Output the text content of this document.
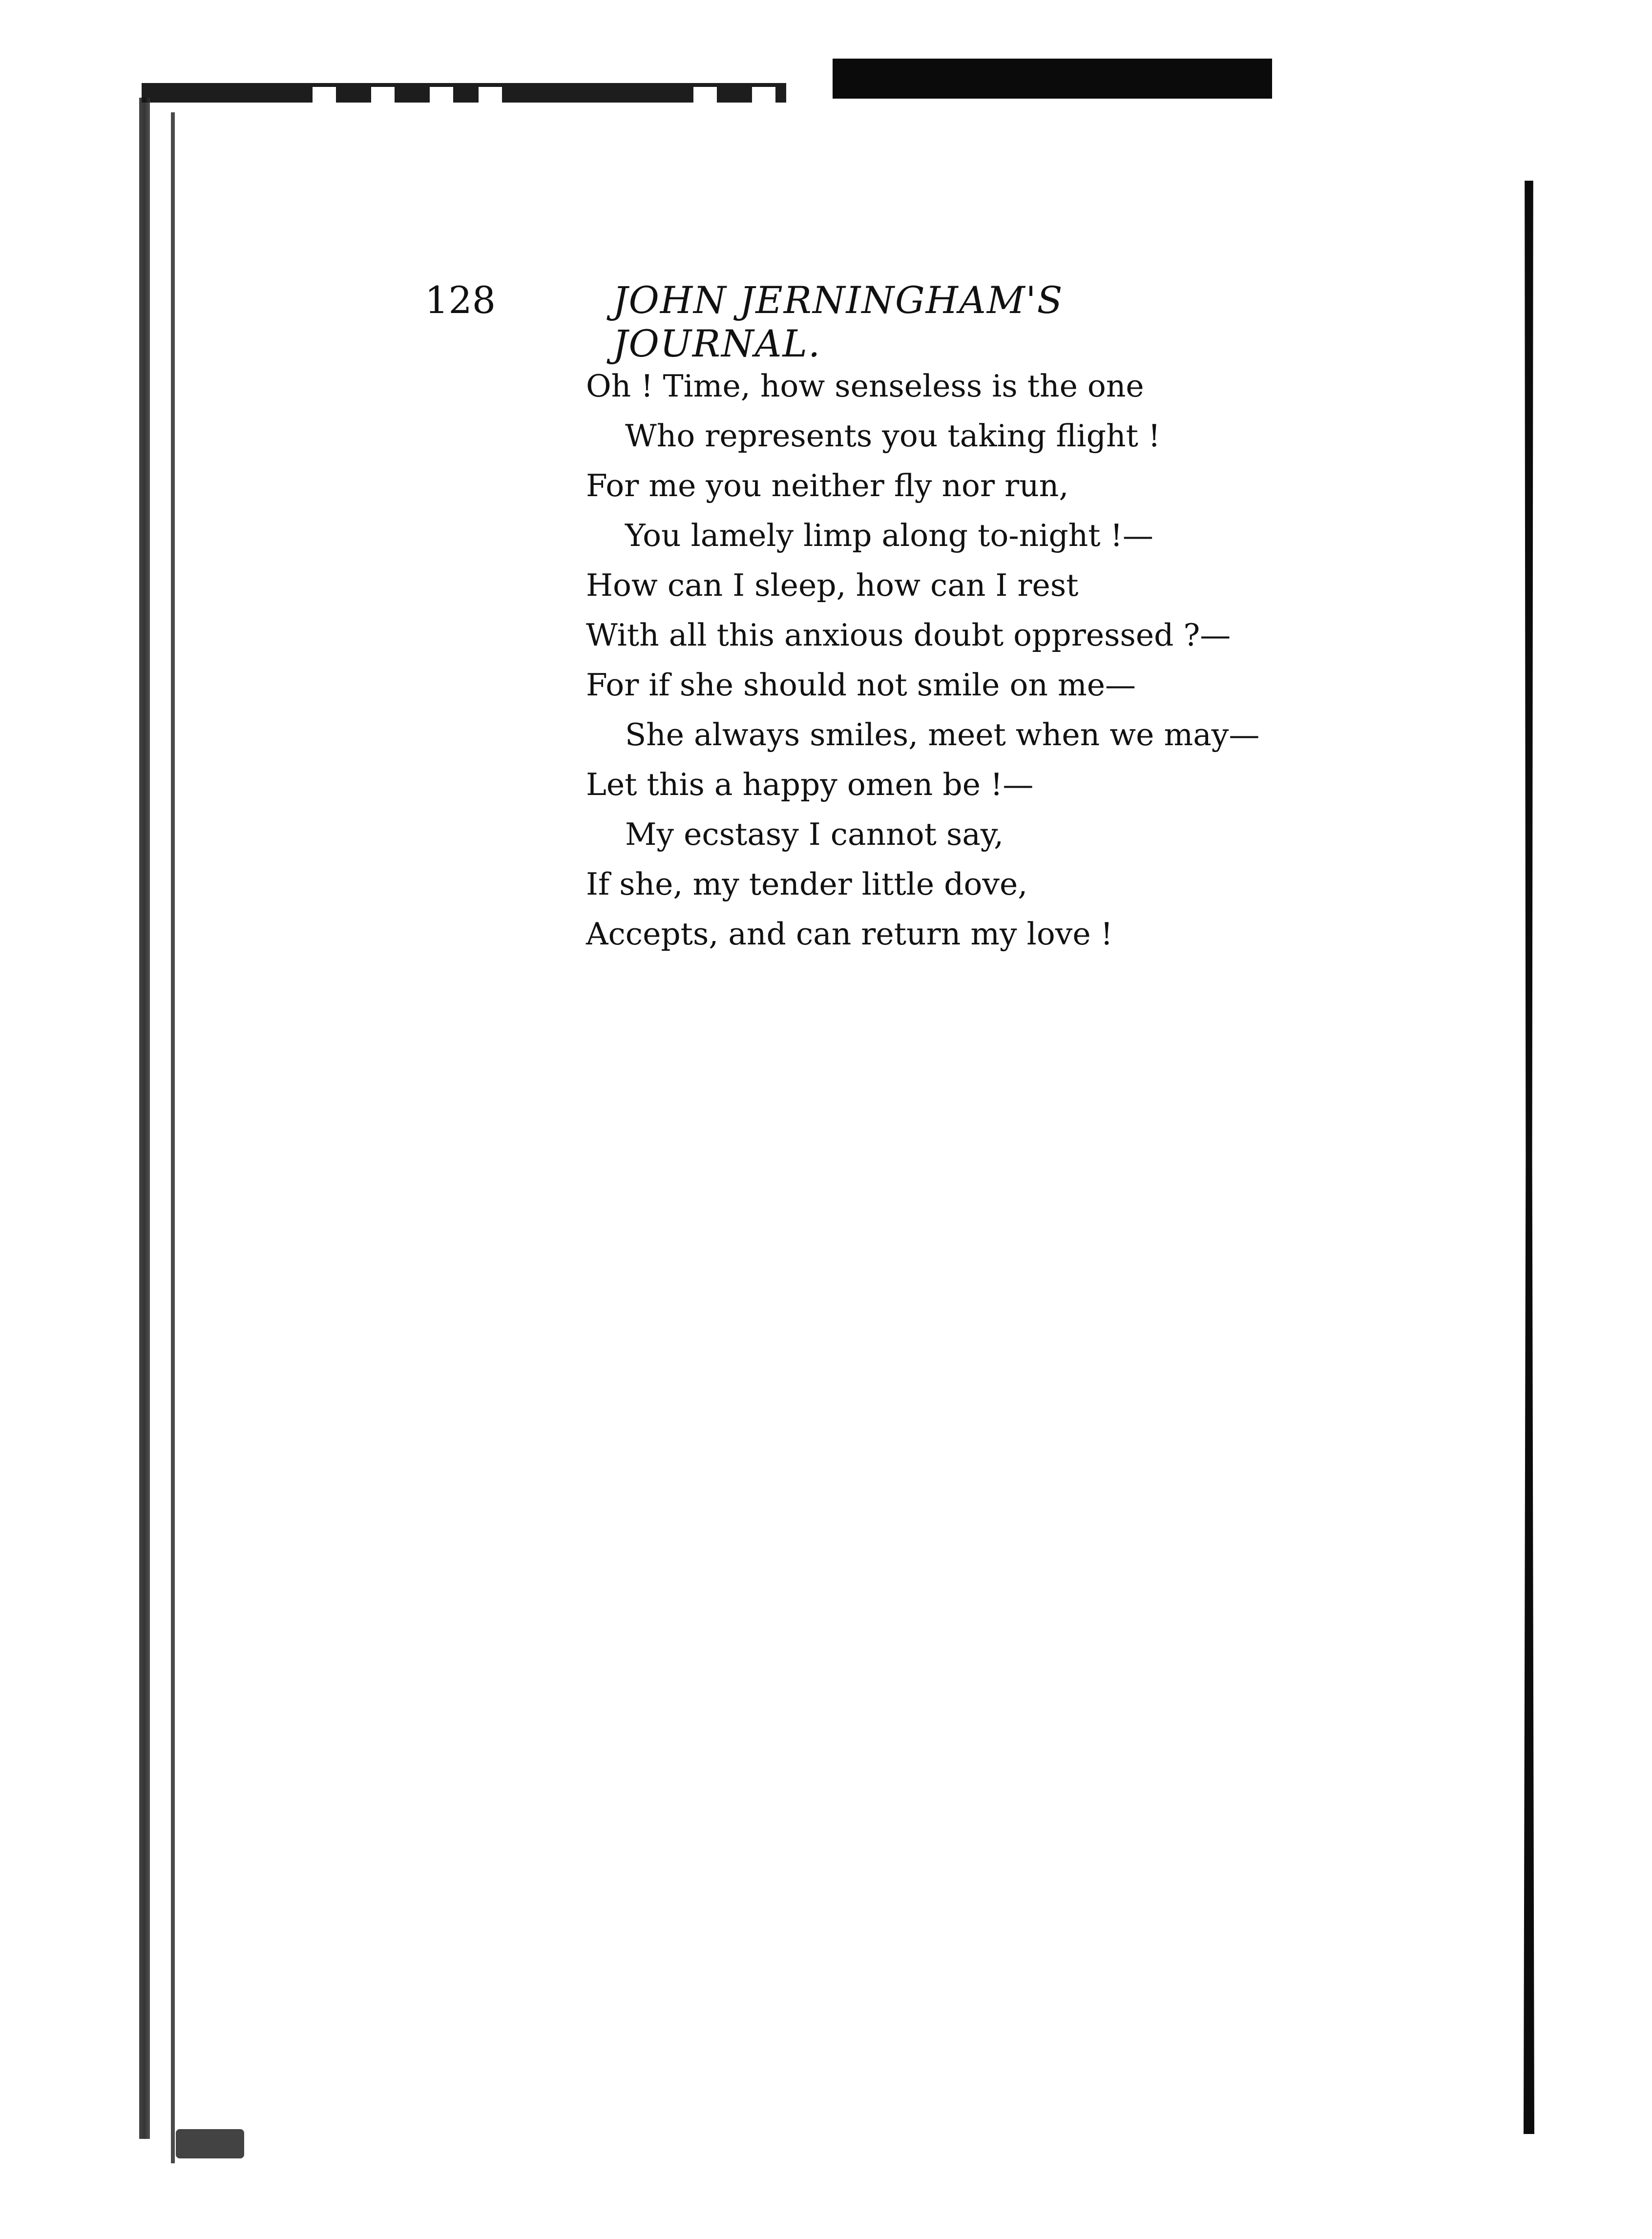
128	JOHN JERNINGHAM'S JOURNAL.
Oh ! Time, how senseless is the one
Who represents you taking flight !
For me you neither fly nor run,
You lamely limp along to-night !—
How can I sleep, how can I rest
With all this anxious doubt oppressed ?—
For if she should not smile on me—
She always smiles, meet when we may—
Let this a happy omen be !—
My ecstasy I cannot say,
If she, my tender little dove,
Accepts, and can return my love !
